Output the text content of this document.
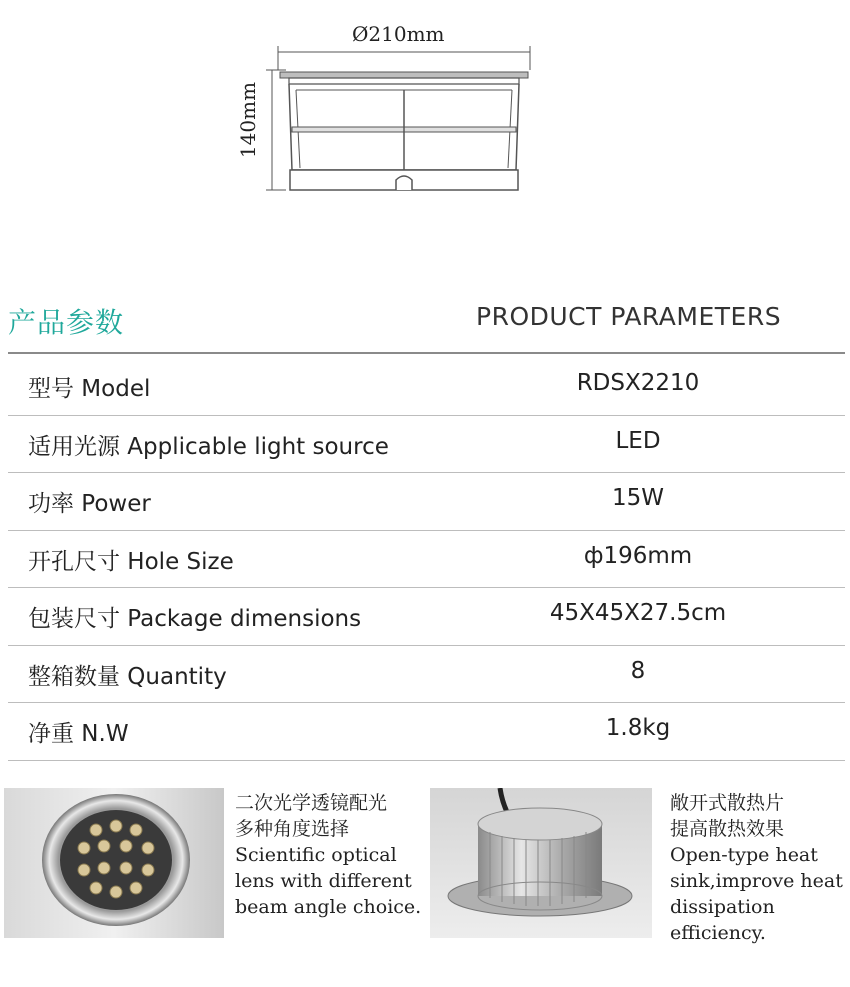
Ø210mm
140mm
产品参数	PRODUCT PARAMETERS
型号 Model	RDSX2210
适用光源 Applicable light source	LED
功率 Power	15W
开孔尺寸 Hole Size	ф196mm
包装尺寸 Package dimensions	45X45X27.5cm
整箱数量 Quantity	8
净重 N.W	1.8kg
二次光学透镜配光
多种角度选择
Scientific optical
lens with different
beam angle choice.
敞开式散热片
提高散热效果
Open-type heat
sink,improve heat
dissipation
efficiency.
